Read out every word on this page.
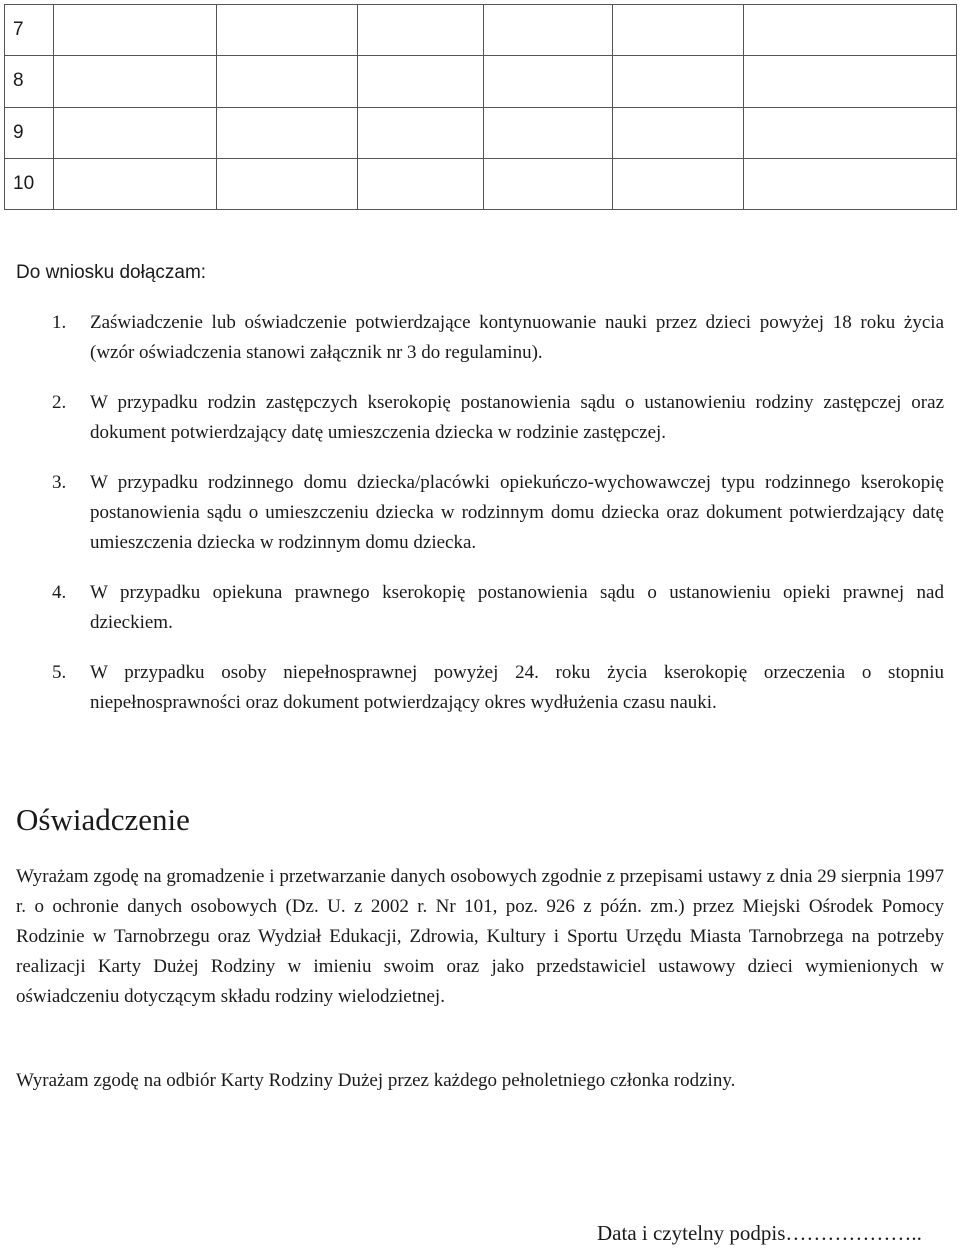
7						
8						
9						
10						
Do wniosku dołączam:
1. Zaświadczenie lub oświadczenie potwierdzające kontynuowanie nauki przez dzieci powyżej 18 roku życia (wzór oświadczenia stanowi załącznik nr 3 do regulaminu).
2. W przypadku rodzin zastępczych kserokopię postanowienia sądu o ustanowieniu rodziny zastępczej oraz dokument potwierdzający datę umieszczenia dziecka w rodzinie zastępczej.
3. W przypadku rodzinnego domu dziecka/placówki opiekuńczo-wychowawczej typu rodzinnego kserokopię postanowienia sądu o umieszczeniu dziecka w rodzinnym domu dziecka oraz dokument potwierdzający datę umieszczenia dziecka w rodzinnym domu dziecka.
4. W przypadku opiekuna prawnego kserokopię postanowienia sądu o ustanowieniu opieki prawnej nad dzieckiem.
5. W przypadku osoby niepełnosprawnej powyżej 24. roku życia kserokopię orzeczenia o stopniu niepełnosprawności oraz dokument potwierdzający okres wydłużenia czasu nauki.
Oświadczenie
Wyrażam zgodę na gromadzenie i przetwarzanie danych osobowych zgodnie z przepisami ustawy z dnia 29 sierpnia 1997 r. o ochronie danych osobowych (Dz. U. z 2002 r. Nr 101, poz. 926 z późn. zm.) przez Miejski Ośrodek Pomocy Rodzinie w Tarnobrzegu oraz Wydział Edukacji, Zdrowia, Kultury i Sportu Urzędu Miasta Tarnobrzega na potrzeby realizacji Karty Dużej Rodziny w imieniu swoim oraz jako przedstawiciel ustawowy dzieci wymienionych w oświadczeniu dotyczącym składu rodziny wielodzietnej.
Wyrażam zgodę na odbiór Karty Rodziny Dużej przez każdego pełnoletniego członka rodziny.
Data i czytelny podpis………………..
